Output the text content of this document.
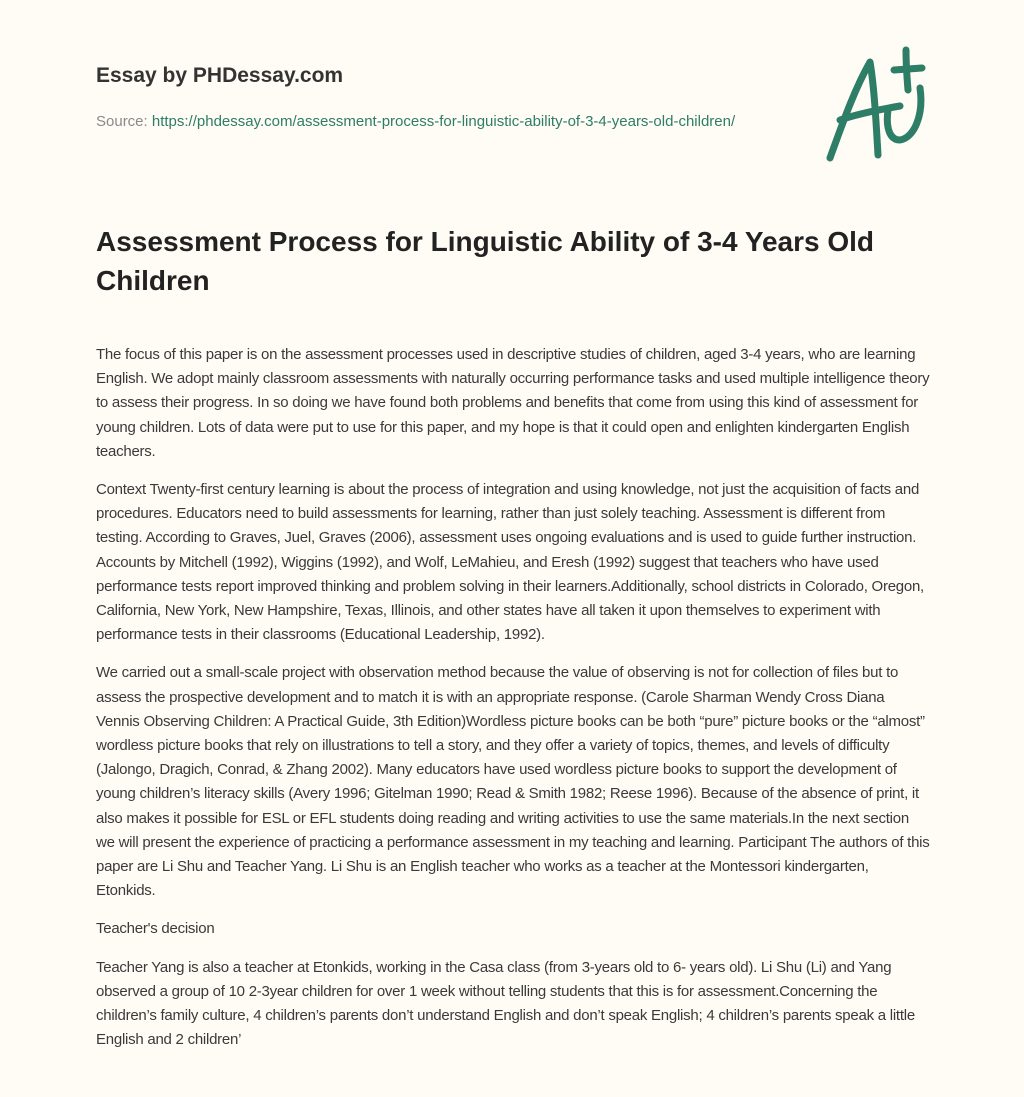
Essay by PHDessay.com
Source: https://phdessay.com/assessment-process-for-linguistic-ability-of-3-4-years-old-children/
Assessment Process for Linguistic Ability of 3-4 Years Old Children

The focus of this paper is on the assessment processes used in descriptive studies of children, aged 3-4 years, who are learning English. We adopt mainly classroom assessments with naturally occurring performance tasks and used multiple intelligence theory to assess their progress. In so doing we have found both problems and benefits that come from using this kind of assessment for young children. Lots of data were put to use for this paper, and my hope is that it could open and enlighten kindergarten English teachers.

Context Twenty-first century learning is about the process of integration and using knowledge, not just the acquisition of facts and procedures. Educators need to build assessments for learning, rather than just solely teaching. Assessment is different from testing. According to Graves, Juel, Graves (2006), assessment uses ongoing evaluations and is used to guide further instruction. Accounts by Mitchell (1992), Wiggins (1992), and Wolf, LeMahieu, and Eresh (1992) suggest that teachers who have used performance tests report improved thinking and problem solving in their learners.Additionally, school districts in Colorado, Oregon, California, New York, New Hampshire, Texas, Illinois, and other states have all taken it upon themselves to experiment with performance tests in their classrooms (Educational Leadership, 1992).

We carried out a small-scale project with observation method because the value of observing is not for collection of files but to assess the prospective development and to match it is with an appropriate response. (Carole Sharman Wendy Cross Diana Vennis Observing Children: A Practical Guide, 3th Edition)Wordless picture books can be both “pure” picture books or the “almost” wordless picture books that rely on illustrations to tell a story, and they offer a variety of topics, themes, and levels of difficulty (Jalongo, Dragich, Conrad, & Zhang 2002). Many educators have used wordless picture books to support the development of young children’s literacy skills (Avery 1996; Gitelman 1990; Read & Smith 1982; Reese 1996). Because of the absence of print, it also makes it possible for ESL or EFL students doing reading and writing activities to use the same materials.In the next section we will present the experience of practicing a performance assessment in my teaching and learning. Participant The authors of this paper are Li Shu and Teacher Yang. Li Shu is an English teacher who works as a teacher at the Montessori kindergarten, Etonkids.

Teacher's decision

Teacher Yang is also a teacher at Etonkids, working in the Casa class (from 3-years old to 6- years old). Li Shu (Li) and Yang observed a group of 10 2-3year children for over 1 week without telling students that this is for assessment.Concerning the children’s family culture, 4 children’s parents don’t understand English and don’t speak English; 4 children’s parents speak a little English and 2 children’
